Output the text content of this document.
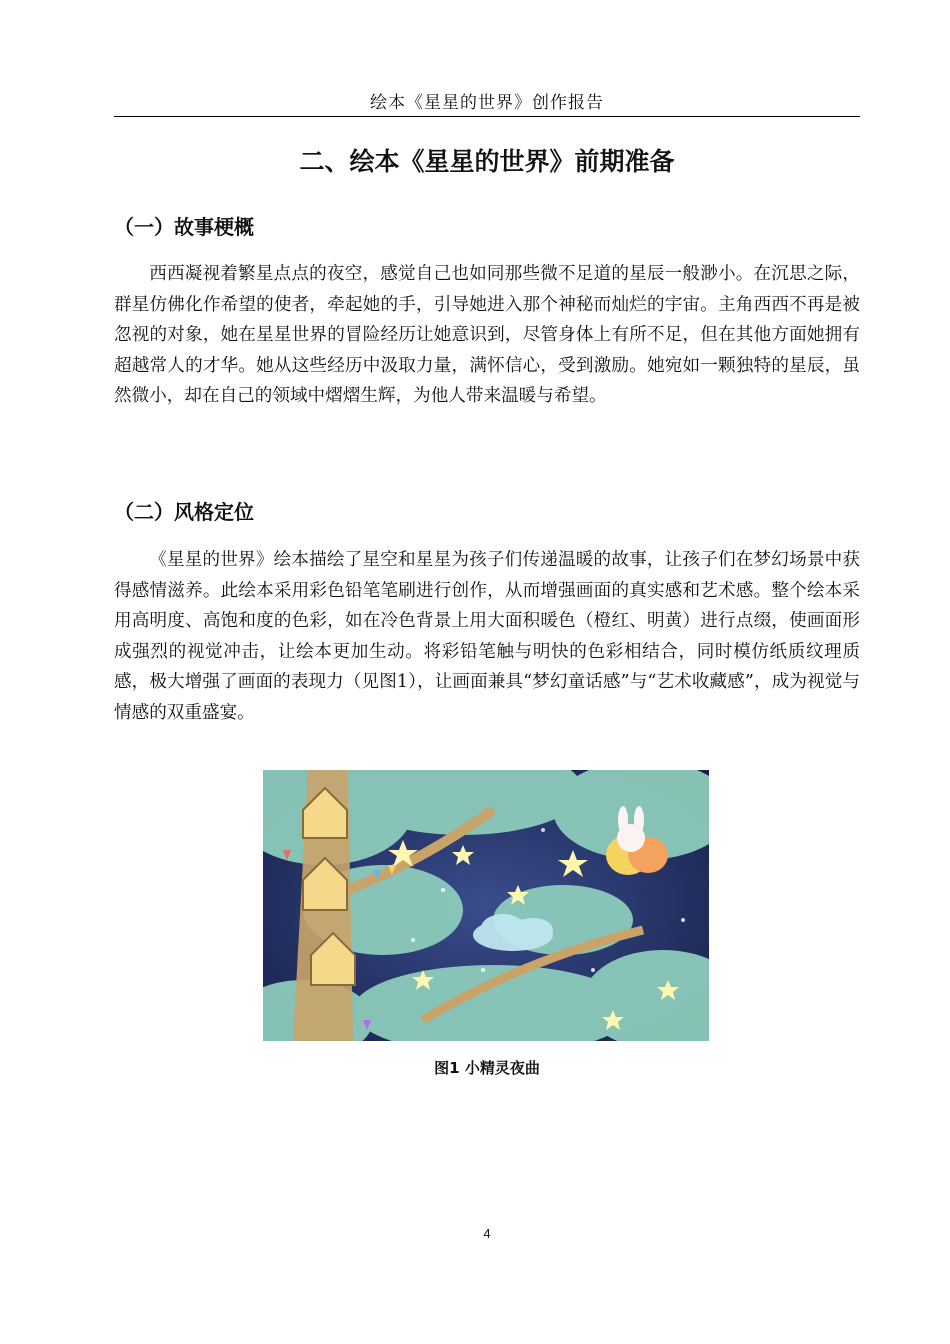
绘本《星星的世界》创作报告
二、绘本《星星的世界》前期准备
（一）故事梗概

西西凝视着繁星点点的夜空，感觉自己也如同那些微不足道的星辰一般渺小。在沉思之际，群星仿佛化作希望的使者，牵起她的手，引导她进入那个神秘而灿烂的宇宙。主角西西不再是被忽视的对象，她在星星世界的冒险经历让她意识到，尽管身体上有所不足，但在其他方面她拥有超越常人的才华。她从这些经历中汲取力量，满怀信心，受到激励。她宛如一颗独特的星辰，虽然微小，却在自己的领域中熠熠生辉，为他人带来温暖与希望。

（二）风格定位

《星星的世界》绘本描绘了星空和星星为孩子们传递温暖的故事，让孩子们在梦幻场景中获得感情滋养。此绘本采用彩色铅笔笔刷进行创作，从而增强画面的真实感和艺术感。整个绘本采用高明度、高饱和度的色彩，如在冷色背景上用大面积暖色（橙红、明黄）进行点缀，使画面形成强烈的视觉冲击，让绘本更加生动。将彩铅笔触与明快的色彩相结合，同时模仿纸质纹理质感，极大增强了画面的表现力（见图1），让画面兼具“梦幻童话感”与“艺术收藏感”，成为视觉与情感的双重盛宴。

图1 小精灵夜曲
4
